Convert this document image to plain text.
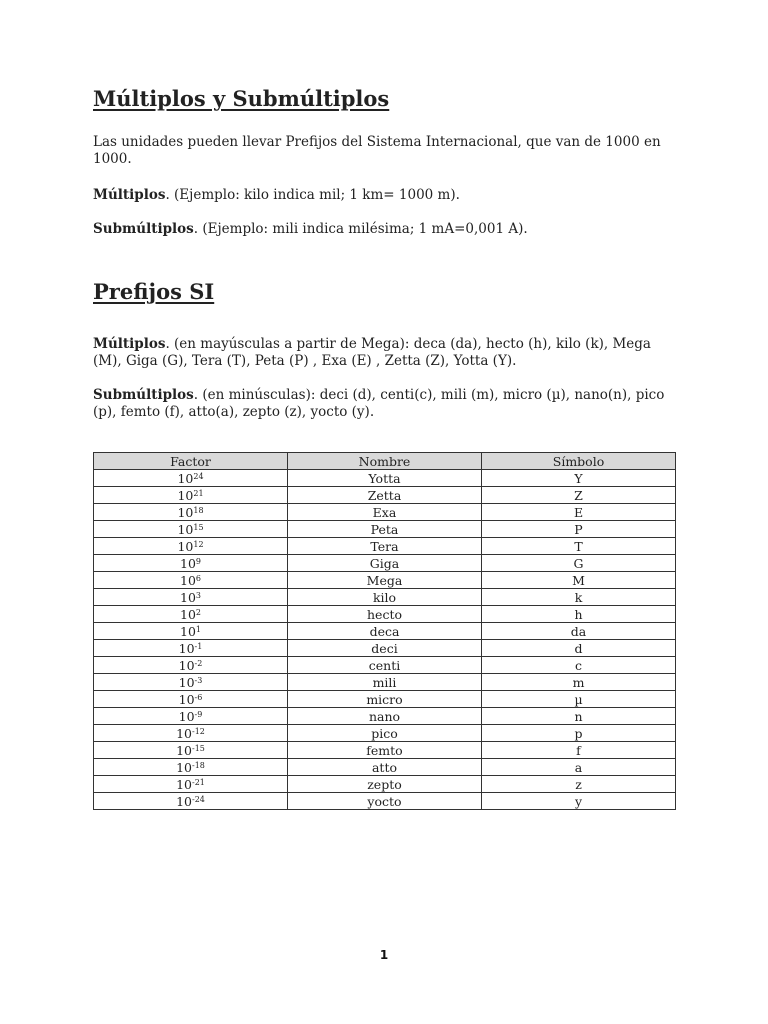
Múltiplos y Submúltiplos

Las unidades pueden llevar Prefijos del Sistema Internacional, que van de 1000 en 1000.

Múltiplos. (Ejemplo: kilo indica mil; 1 km= 1000 m).

Submúltiplos. (Ejemplo: mili indica milésima; 1 mA=0,001 A).

Prefijos SI

Múltiplos. (en mayúsculas a partir de Mega): deca (da), hecto (h), kilo (k), Mega (M), Giga (G), Tera (T), Peta (P) , Exa (E) , Zetta (Z), Yotta (Y).

Submúltiplos. (en minúsculas): deci (d), centi(c), mili (m), micro (µ), nano(n), pico (p), femto (f), atto(a), zepto (z), yocto (y).

Factor	Nombre	Símbolo
$10^{24}$	Yotta	Y
$10^{21}$	Zetta	Z
$10^{18}$	Exa	E
$10^{15}$	Peta	P
$10^{12}$	Tera	T
$10^9$	Giga	G
$10^6$	Mega	M
$10^3$	kilo	k
$10^2$	hecto	h
$10^1$	deca	da
$10^{-1}$	deci	d
$10^{-2}$	centi	c
$10^{-3}$	mili	m
$10^{-6}$	micro	µ
$10^{-9}$	nano	n
$10^{-12}$	pico	p
$10^{-15}$	femto	f
$10^{-18}$	atto	a
$10^{-21}$	zepto	z
$10^{-24}$	yocto	y
1
